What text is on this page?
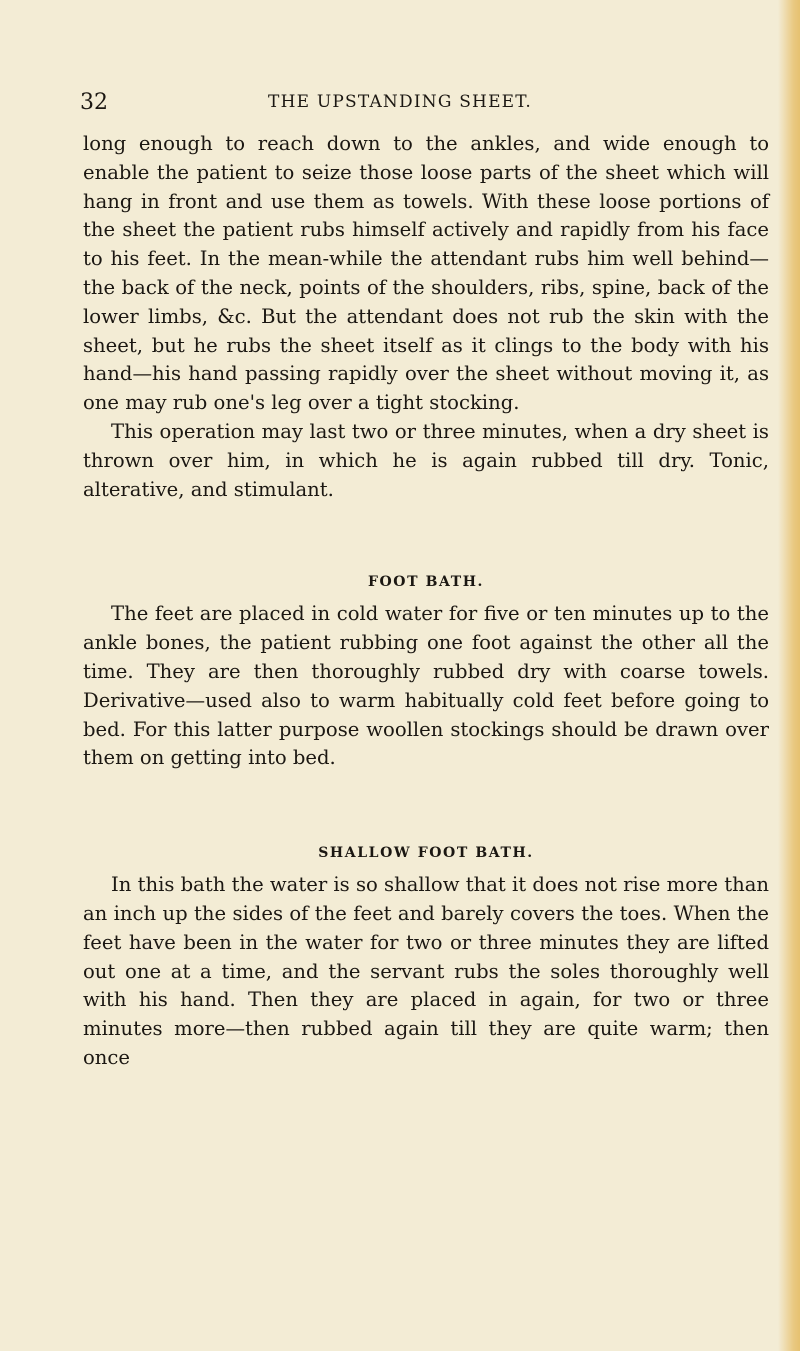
32	THE UPSTANDING SHEET.

long enough to reach down to the ankles, and wide enough to enable the patient to seize those loose parts of the sheet which will hang in front and use them as towels. With these loose portions of the sheet the patient rubs himself actively and rapidly from his face to his feet. In the mean-while the attendant rubs him well behind—the back of the neck, points of the shoulders, ribs, spine, back of the lower limbs, &c. But the attendant does not rub the skin with the sheet, but he rubs the sheet itself as it clings to the body with his hand—his hand passing rapidly over the sheet without moving it, as one may rub one's leg over a tight stocking.

This operation may last two or three minutes, when a dry sheet is thrown over him, in which he is again rubbed till dry. Tonic, alterative, and stimulant.

FOOT BATH.

The feet are placed in cold water for five or ten minutes up to the ankle bones, the patient rubbing one foot against the other all the time. They are then thoroughly rubbed dry with coarse towels. Derivative—used also to warm habitually cold feet before going to bed. For this latter purpose woollen stockings should be drawn over them on getting into bed.

SHALLOW FOOT BATH.

In this bath the water is so shallow that it does not rise more than an inch up the sides of the feet and barely covers the toes. When the feet have been in the water for two or three minutes they are lifted out one at a time, and the servant rubs the soles thoroughly well with his hand. Then they are placed in again, for two or three minutes more—then rubbed again till they are quite warm; then once
